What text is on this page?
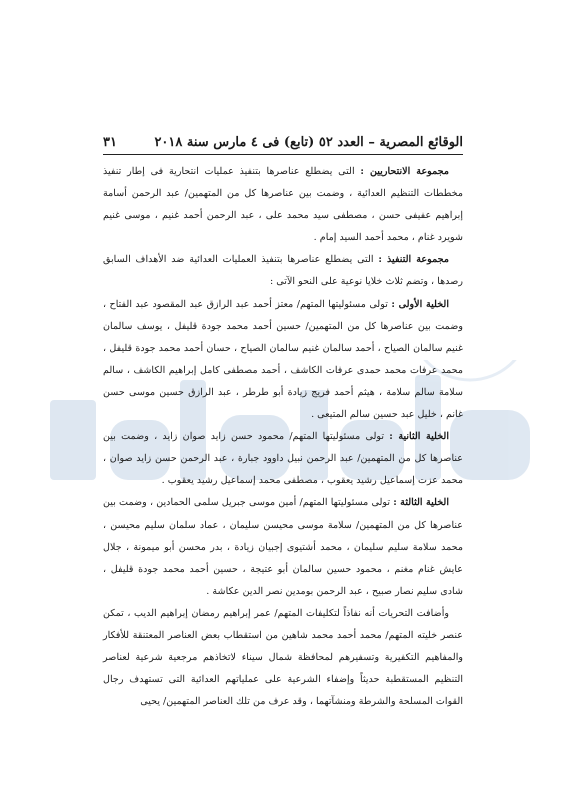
الوقائع المصرية – العدد ٥٢ (تابع) فى ٤ مارس سنة ٢٠١٨
٣١

مجموعة الانتحاريين : التى يضطلع عناصرها بتنفيذ عمليات انتحارية فى إطار تنفيذ مخططات التنظيم العدائية ، وضمت بين عناصرها كل من المتهمين/ عبد الرحمن أسامة إبراهيم عفيفى حسن ، مصطفى سيد محمد على ، عبد الرحمن أحمد غنيم ، موسى غنيم شويرد غنام ، محمد أحمد السيد إمام .

مجموعة التنفيذ : التى يضطلع عناصرها بتنفيذ العمليات العدائية ضد الأهداف السابق رصدها ، وتضم ثلاث خلايا نوعية على النحو الآتى :

الخلية الأولى : تولى مسئوليتها المتهم/ معتز أحمد عبد الرازق عبد المقصود عبد الفتاح ، وضمت بين عناصرها كل من المتهمين/ حسين أحمد محمد جودة قليفل ، يوسف سالمان غنيم سالمان الصياح ، أحمد سالمان غنيم سالمان الصياح ، حسان أحمد محمد جودة قليفل ، محمد عرفات محمد حمدى عرفات الكاشف ، أحمد مصطفى كامل إبراهيم الكاشف ، سالم سلامة سالم سلامة ، هيثم أحمد فريج زيادة أبو طرطر ، عبد الرازق حسين موسى حسن غانم ، خليل عبد حسين سالم المتيعى .

الخلية الثانية : تولى مسئوليتها المتهم/ محمود حسن زايد صوان زايد ، وضمت بين عناصرها كل من المتهمين/ عبد الرحمن نبيل داوود جبارة ، عبد الرحمن حسن زايد صوان ، محمد عزت إسماعيل رشيد يعقوب ، مصطفى محمد إسماعيل رشيد يعقوب .

الخلية الثالثة : تولى مسئوليتها المتهم/ أمين موسى جبريل سلمى الحمادين ، وضمت بين عناصرها كل من المتهمين/ سلامة موسى محيسن سليمان ، عماد سلمان سليم محيسن ، محمد سلامة سليم سليمان ، محمد أشتيوى إجبيان زيادة ، بدر محسن أبو ميمونة ، جلال عايش غنام مغنم ، محمود حسين سالمان أبو عتيجة ، حسين أحمد محمد جودة قليفل ، شادى سليم نصار صبيح ، عبد الرحمن بومدين نصر الدين عكاشة .

وأضافت التحريات أنه نفاذاً لتكليفات المتهم/ عمر إبراهيم رمضان إبراهيم الديب ، تمكن عنصر خليته المتهم/ محمد أحمد محمد شاهين من استقطاب بعض العناصر المعتنقة للأفكار والمفاهيم التكفيرية وتسفيرهم لمحافظة شمال سيناء لاتخاذهم مرجعية شرعية لعناصر التنظيم المستقطبة حديثاً وإضفاء الشرعية على عملياتهم العدائية التى تستهدف رجال القوات المسلحة والشرطة ومنشآتهما ، وقد عرف من تلك العناصر المتهمين/ يحيى
